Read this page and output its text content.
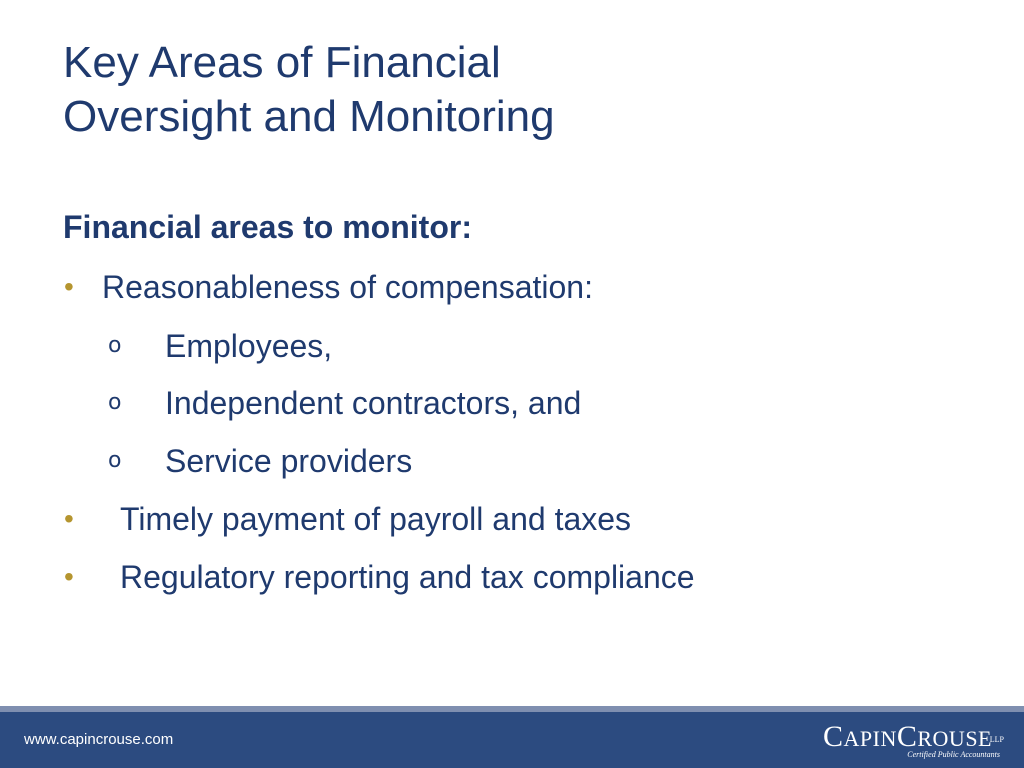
Key Areas of Financial
Oversight and Monitoring
Financial areas to monitor:
• Reasonableness of compensation:
o Employees,
o Independent contractors, and
o Service providers
• Timely payment of payroll and taxes
• Regulatory reporting and tax compliance
www.capincrouse.com	CAPINCROUSE
LLP
Certified Public Accountants
